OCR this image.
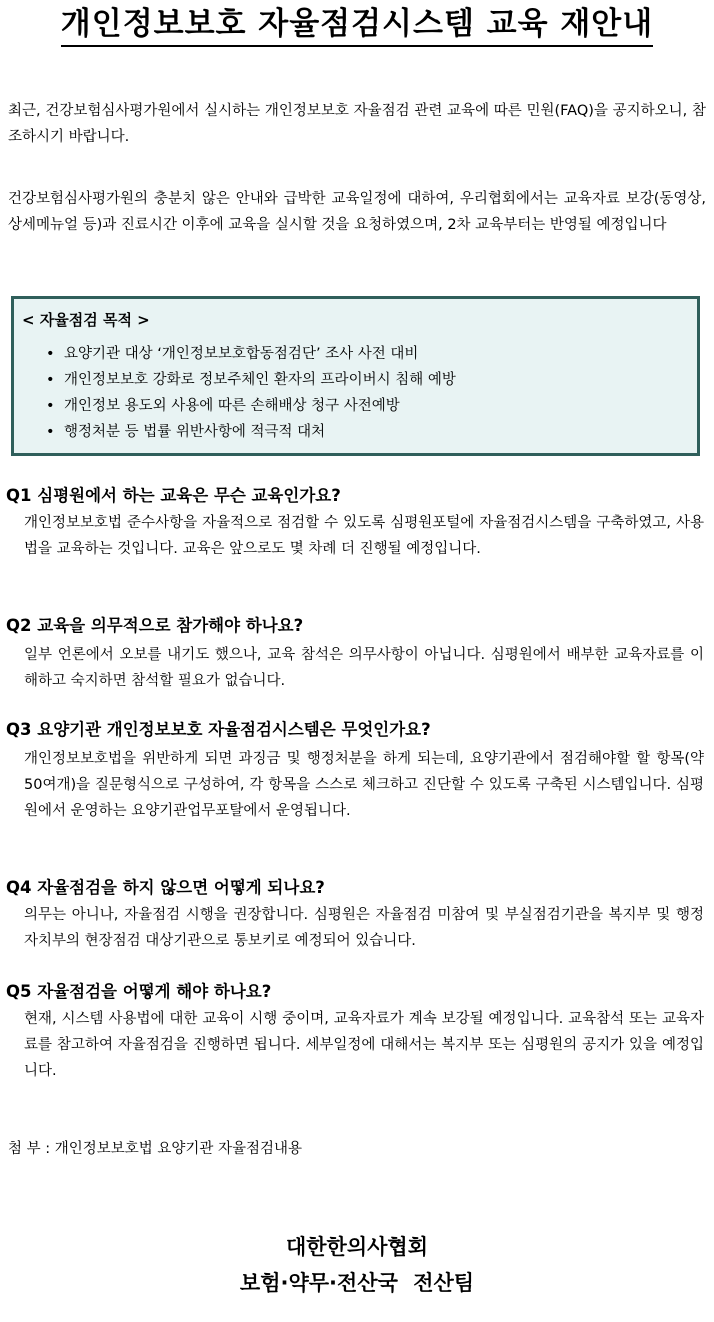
개인정보보호 자율점검시스템 교육 재안내

최근, 건강보험심사평가원에서 실시하는 개인정보보호 자율점검 관련 교육에 따른 민원(FAQ)을 공지하오니, 참조하시기 바랍니다.

건강보험심사평가원의 충분치 않은 안내와 급박한 교육일정에 대하여, 우리협회에서는 교육자료 보강(동영상, 상세메뉴얼 등)과 진료시간 이후에 교육을 실시할 것을 요청하였으며, 2차 교육부터는 반영될 예정입니다

< 자율점검 목적 >
• 요양기관 대상 ‘개인정보보호합동점검단’ 조사 사전 대비
• 개인정보보호 강화로 정보주체인 환자의 프라이버시 침해 예방
• 개인정보 용도외 사용에 따른 손해배상 청구 사전예방
• 행정처분 등 법률 위반사항에 적극적 대처
Q1 심평원에서 하는 교육은 무슨 교육인가요?

개인정보보호법 준수사항을 자율적으로 점검할 수 있도록 심평원포털에 자율점검시스템을 구축하였고, 사용법을 교육하는 것입니다. 교육은 앞으로도 몇 차례 더 진행될 예정입니다.

Q2 교육을 의무적으로 참가해야 하나요?

일부 언론에서 오보를 내기도 했으나, 교육 참석은 의무사항이 아닙니다. 심평원에서 배부한 교육자료를 이해하고 숙지하면 참석할 필요가 없습니다.

Q3 요양기관 개인정보보호 자율점검시스템은 무엇인가요?

개인정보보호법을 위반하게 되면 과징금 및 행정처분을 하게 되는데, 요양기관에서 점검해야할 할 항목(약 50여개)을 질문형식으로 구성하여, 각 항목을 스스로 체크하고 진단할 수 있도록 구축된 시스템입니다. 심평원에서 운영하는 요양기관업무포탈에서 운영됩니다.

Q4 자율점검을 하지 않으면 어떻게 되나요?

의무는 아니나, 자율점검 시행을 권장합니다. 심평원은 자율점검 미참여 및 부실점검기관을 복지부 및 행정자치부의 현장점검 대상기관으로 통보키로 예정되어 있습니다.

Q5 자율점검을 어떻게 해야 하나요?

현재, 시스템 사용법에 대한 교육이 시행 중이며, 교육자료가 계속 보강될 예정입니다. 교육참석 또는 교육자료를 참고하여 자율점검을 진행하면 됩니다. 세부일정에 대해서는 복지부 또는 심평원의 공지가 있을 예정입니다.

첨 부 : 개인정보보호법 요양기관 자율점검내용
대한한의사협회
보험·약무·전산국 전산팀
